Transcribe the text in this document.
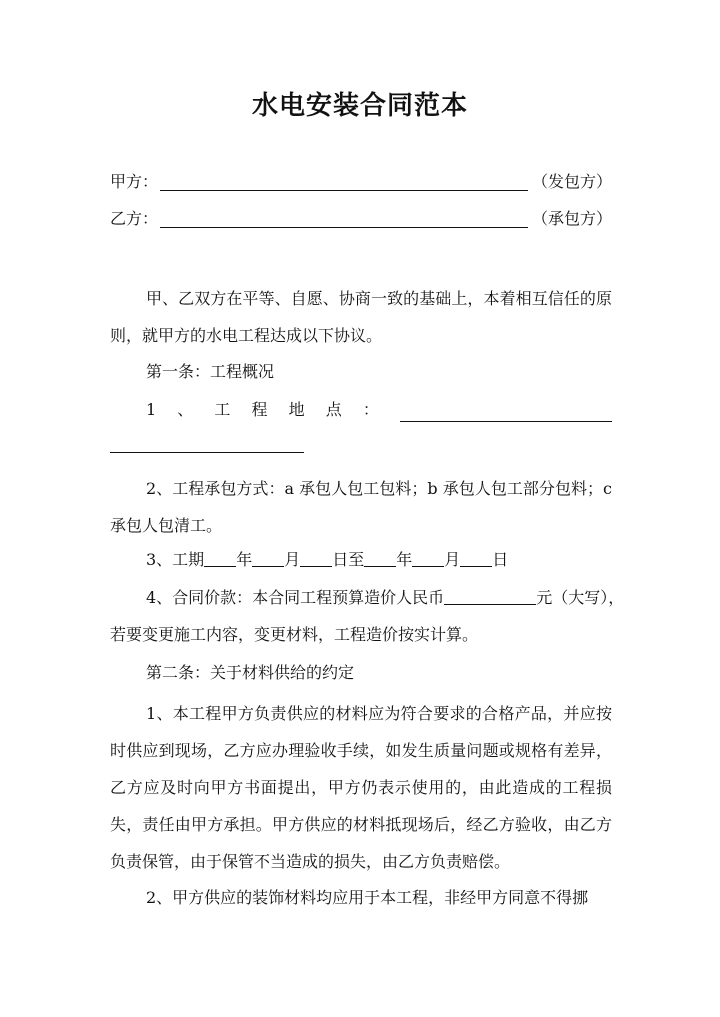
水电安装合同范本
甲方：	（发包方）
乙方：	（承包方）
甲、乙双方在平等、自愿、协商一致的基础上，本着相互信任的原则，就甲方的水电工程达成以下协议。
第一条：工程概况
1 、 工 程 地 点 ：
2、工程承包方式：a 承包人包工包料；b 承包人包工部分包料；c 承包人包清工。
3、工期 年 月 日至 年 月 日
4、合同价款：本合同工程预算造价人民币	元（大写），
若要变更施工内容，变更材料，工程造价按实计算。
第二条：关于材料供给的约定
1、本工程甲方负责供应的材料应为符合要求的合格产品，并应按时供应到现场，乙方应办理验收手续，如发生质量问题或规格有差异，乙方应及时向甲方书面提出，甲方仍表示使用的，由此造成的工程损失，责任由甲方承担。甲方供应的材料抵现场后，经乙方验收，由乙方负责保管，由于保管不当造成的损失，由乙方负责赔偿。
2、甲方供应的装饰材料均应用于本工程，非经甲方同意不得挪
